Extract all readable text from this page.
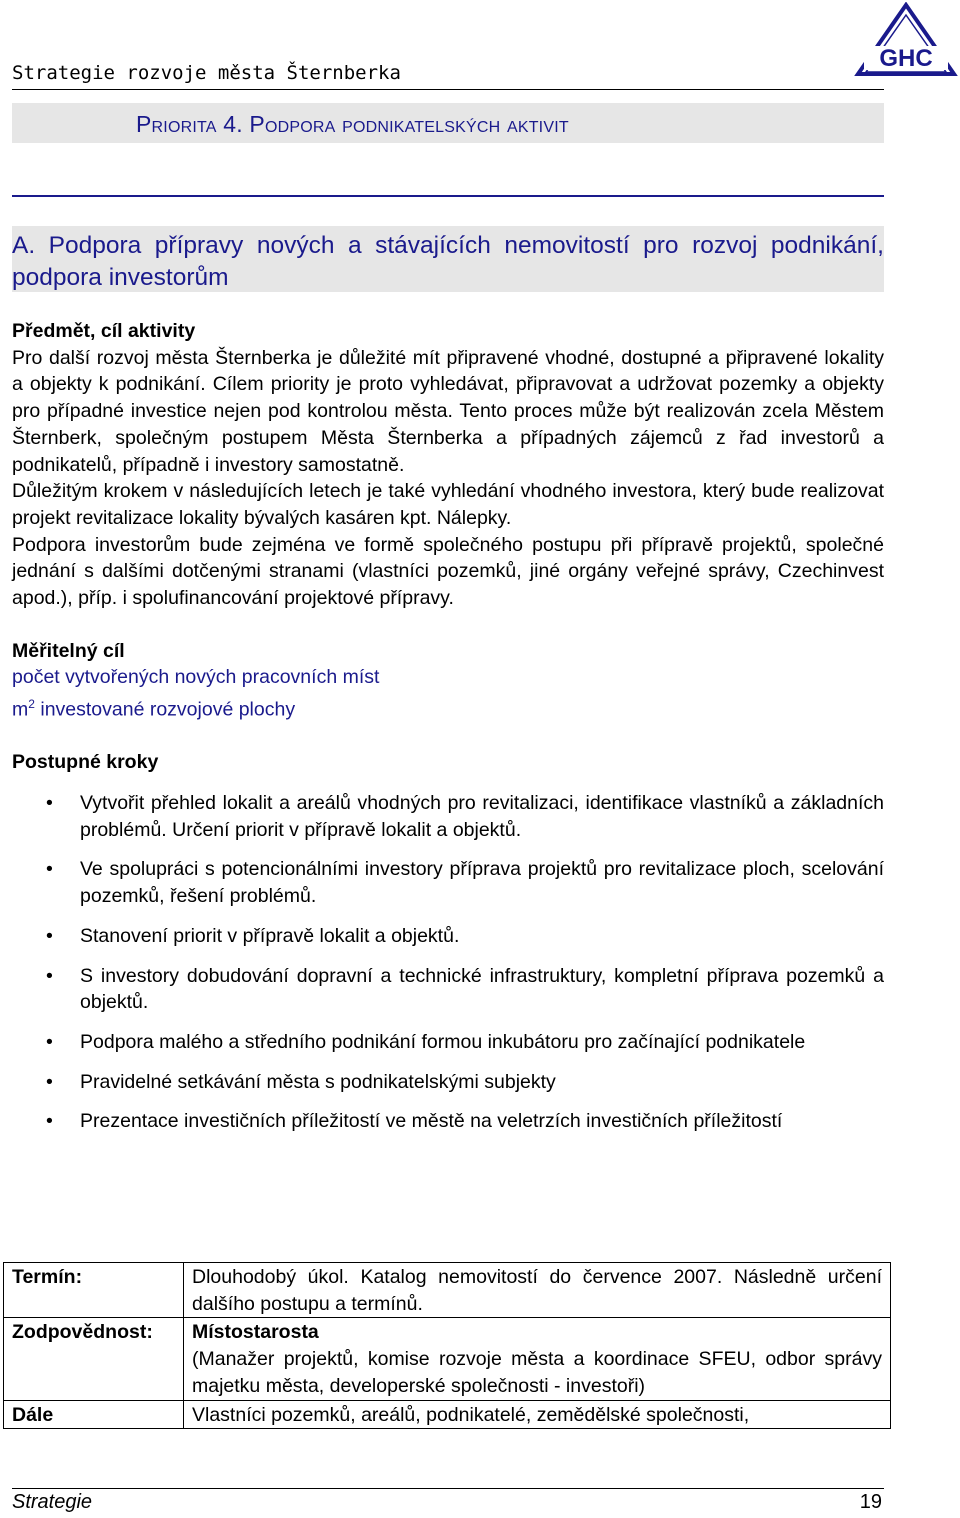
Strategie rozvoje města Šternberka
GHC
Priorita 4. Podpora podnikatelských aktivit
A. Podpora přípravy nových a stávajících nemovitostí pro rozvoj podnikání, podpora investorům

Předmět, cíl aktivity

Pro další rozvoj města Šternberka je důležité mít připravené vhodné, dostupné a připravené lokality a objekty k podnikání. Cílem priority je proto vyhledávat, připravovat a udržovat pozemky a objekty pro případné investice nejen pod kontrolou města. Tento proces může být realizován zcela Městem Šternberk, společným postupem Města Šternberka a případných zájemců z řad investorů a podnikatelů, případně i investory samostatně.

Důležitým krokem v následujících letech je také vyhledání vhodného investora, který bude realizovat projekt revitalizace lokality bývalých kasáren kpt. Nálepky.

Podpora investorům bude zejména ve formě společného postupu při přípravě projektů, společné jednání s dalšími dotčenými stranami (vlastníci pozemků, jiné orgány veřejné správy, Czechinvest apod.), příp. i spolufinancování projektové přípravy.

Měřitelný cíl

počet vytvořených nových pracovních míst

$m^2$ investované rozvojové plochy

Postupné kroky

• Vytvořit přehled lokalit a areálů vhodných pro revitalizaci, identifikace vlastníků a základních problémů. Určení priorit v přípravě lokalit a objektů.
• Ve spolupráci s potencionálními investory příprava projektů pro revitalizace ploch, scelování pozemků, řešení problémů.
• Stanovení priorit v přípravě lokalit a objektů.
• S investory dobudování dopravní a technické infrastruktury, kompletní příprava pozemků a objektů.
• Podpora malého a středního podnikání formou inkubátoru pro začínající podnikatele
• Pravidelné setkávání města s podnikatelskými subjekty
• Prezentace investičních příležitostí ve městě na veletrzích investičních příležitostí
Termín:	Dlouhodobý úkol. Katalog nemovitostí do července 2007. Následně určení dalšího postupu a termínů.
Zodpovědnost:	Místostarosta
(Manažer projektů, komise rozvoje města a koordinace SFEU, odbor správy majetku města, developerské společnosti - investoři)

Dále	Vlastníci pozemků, areálů, podnikatelé, zemědělské společnosti,
Strategie	19
